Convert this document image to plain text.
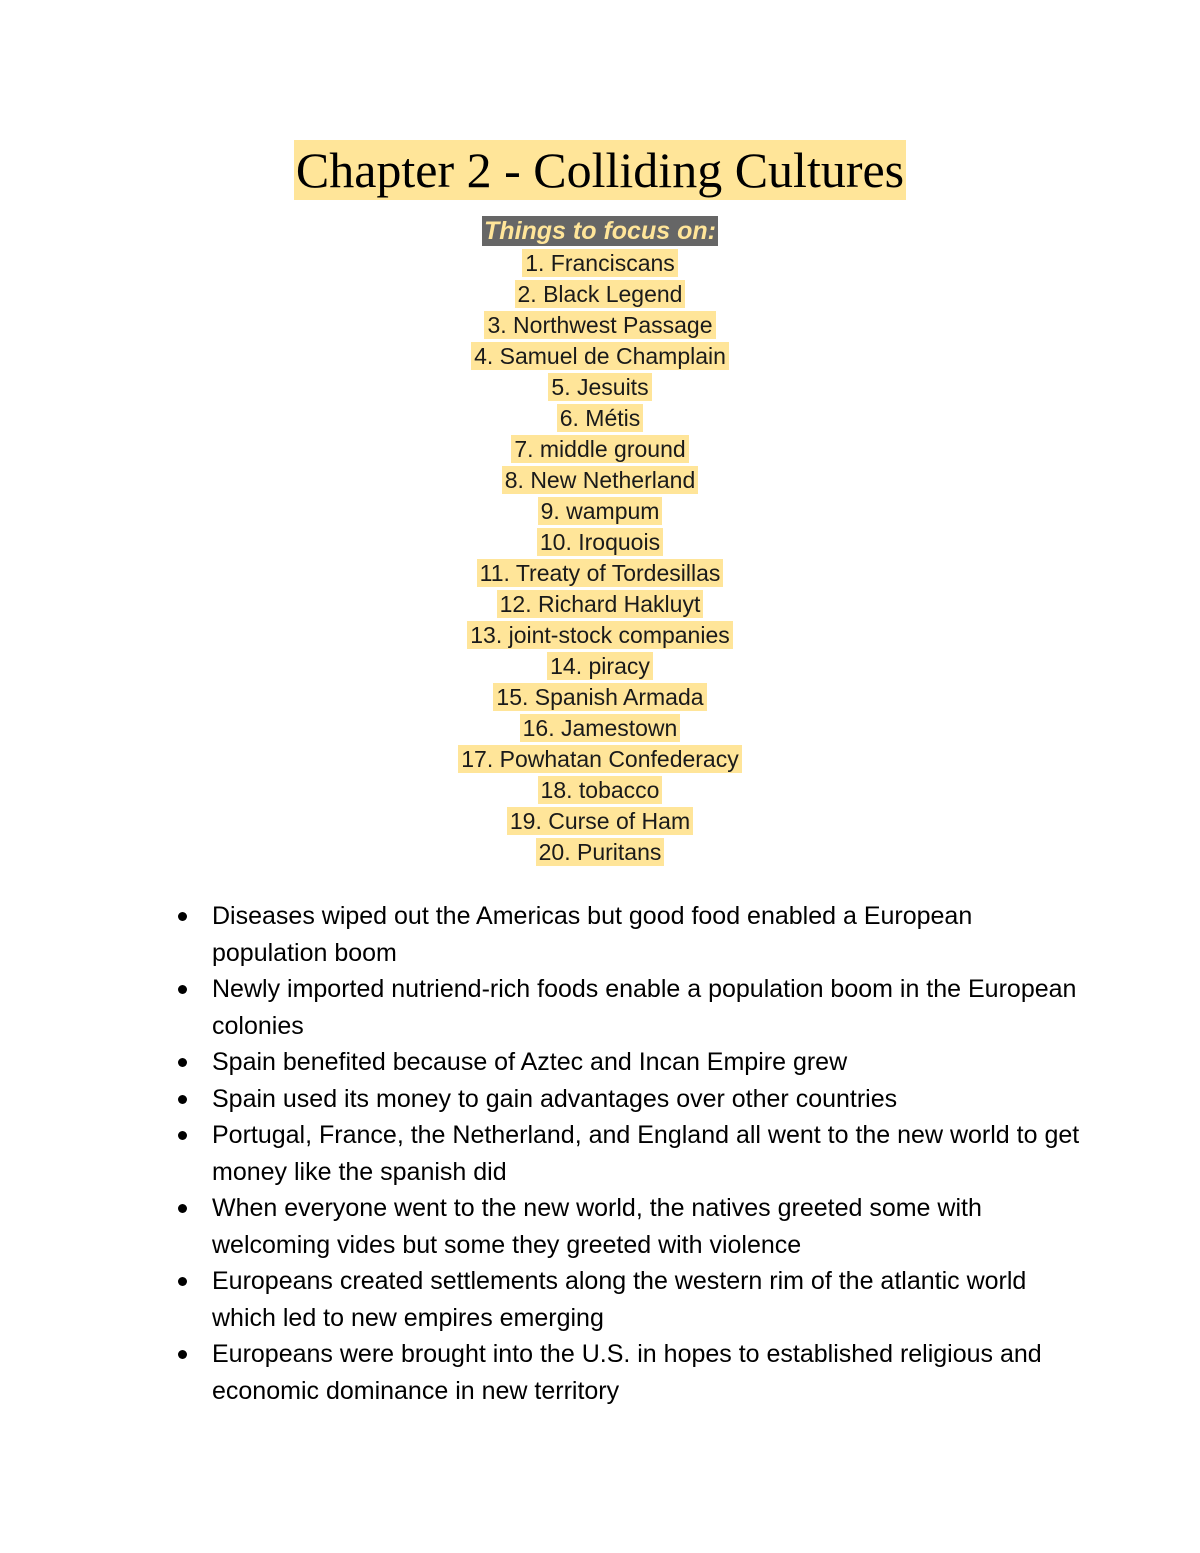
Chapter 2 - Colliding Cultures
Things to focus on:
1. Franciscans
2. Black Legend
3. Northwest Passage
4. Samuel de Champlain
5. Jesuits
6. Métis
7. middle ground
8. New Netherland
9. wampum
10. Iroquois
11. Treaty of Tordesillas
12. Richard Hakluyt
13. joint-stock companies
14. piracy
15. Spanish Armada
16. Jamestown
17. Powhatan Confederacy
18. tobacco
19. Curse of Ham
20. Puritans
Diseases wiped out the Americas but good food enabled a European population boom
Newly imported nutriend-rich foods enable a population boom in the European colonies
Spain benefited because of Aztec and Incan Empire grew
Spain used its money to gain advantages over other countries
Portugal, France, the Netherland, and England all went to the new world to get money like the spanish did
When everyone went to the new world, the natives greeted some with welcoming vides but some they greeted with violence
Europeans created settlements along the western rim of the atlantic world which led to new empires emerging
Europeans were brought into the U.S. in hopes to established religious and economic dominance in new territory
